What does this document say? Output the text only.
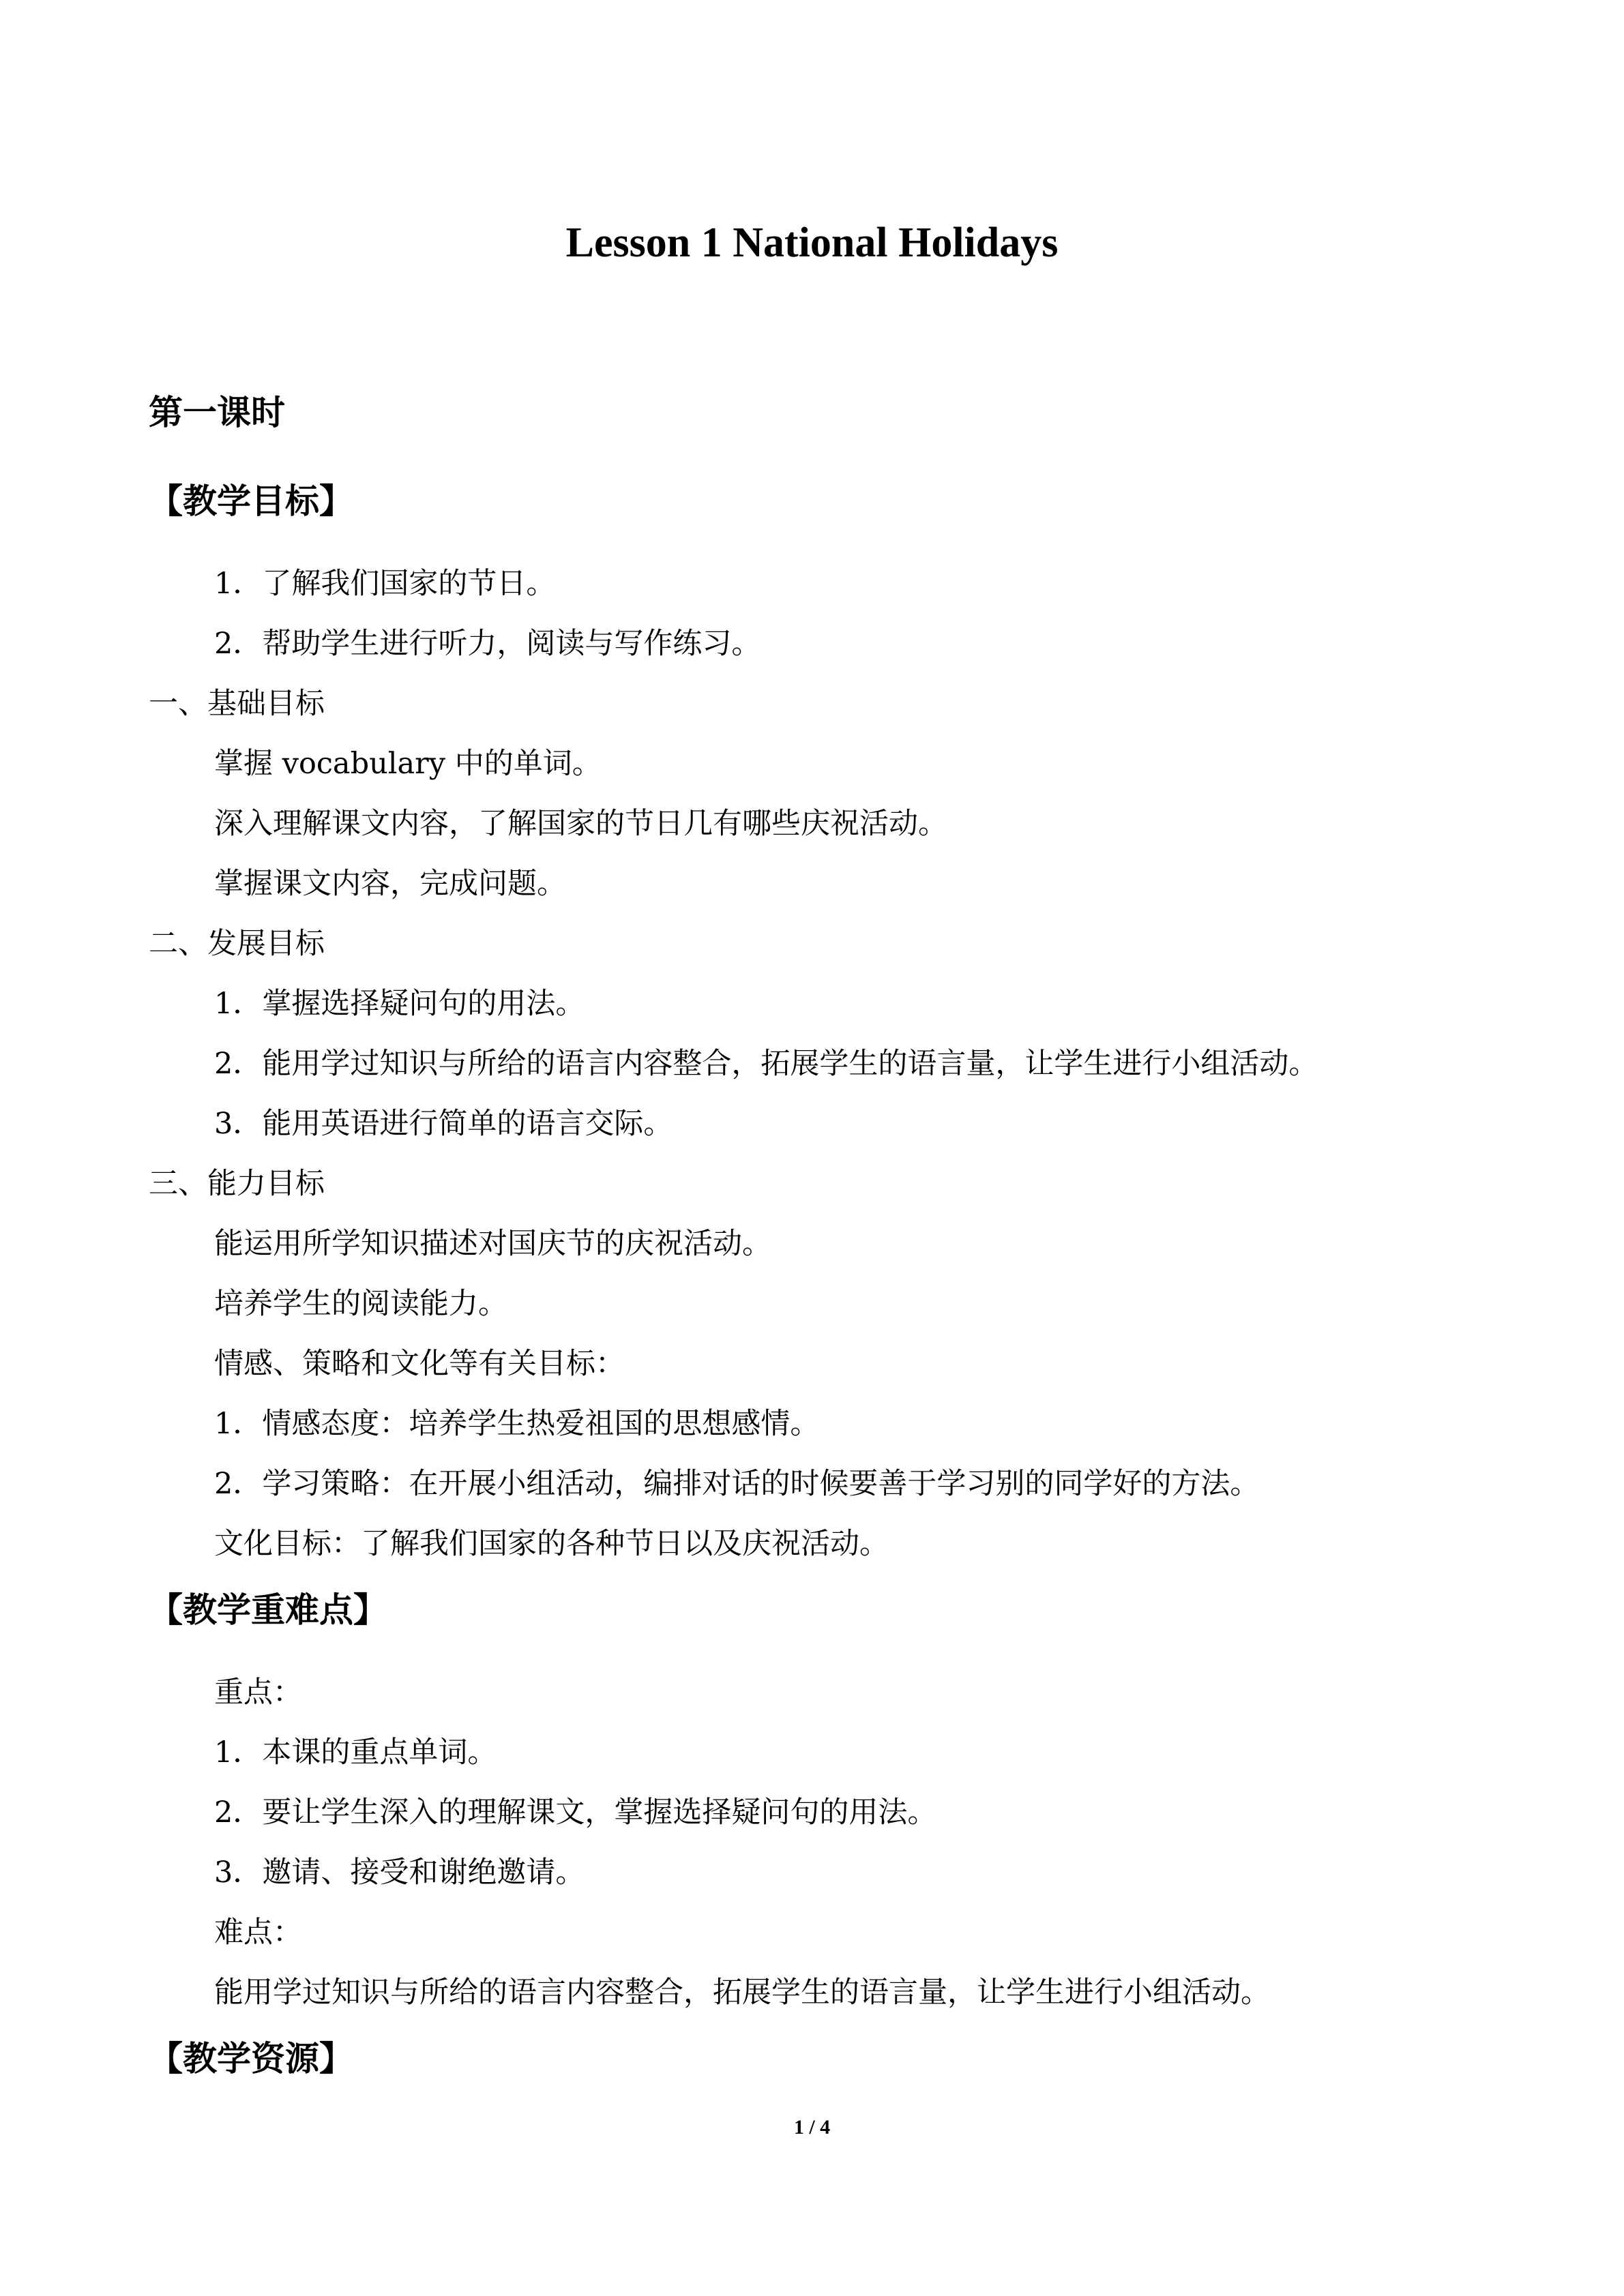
Lesson 1 National Holidays
第一课时
【教学目标】
1．了解我们国家的节日。
2．帮助学生进行听力，阅读与写作练习。
一、基础目标
掌握 vocabulary 中的单词。
深入理解课文内容，了解国家的节日几有哪些庆祝活动。
掌握课文内容，完成问题。
二、发展目标
1．掌握选择疑问句的用法。
2．能用学过知识与所给的语言内容整合，拓展学生的语言量，让学生进行小组活动。
3．能用英语进行简单的语言交际。
三、能力目标
能运用所学知识描述对国庆节的庆祝活动。
培养学生的阅读能力。
情感、策略和文化等有关目标：
1．情感态度：培养学生热爱祖国的思想感情。
2．学习策略：在开展小组活动，编排对话的时候要善于学习别的同学好的方法。
文化目标：了解我们国家的各种节日以及庆祝活动。
【教学重难点】
重点：
1．本课的重点单词。
2．要让学生深入的理解课文，掌握选择疑问句的用法。
3．邀请、接受和谢绝邀请。
难点：
能用学过知识与所给的语言内容整合，拓展学生的语言量，让学生进行小组活动。
【教学资源】
1 / 4
